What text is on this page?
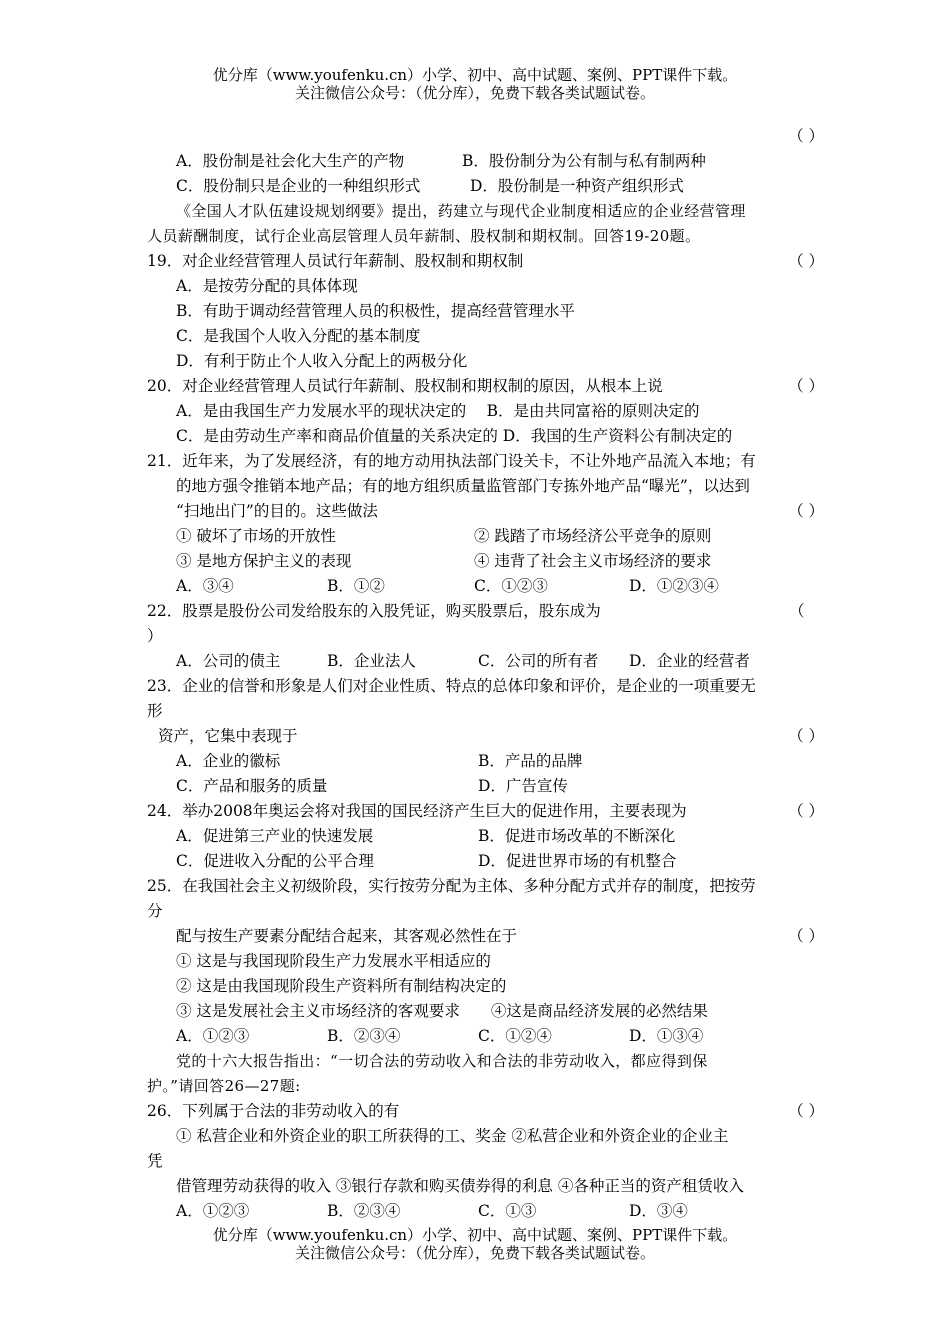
优分库（www.youfenku.cn）小学、初中、高中试题、案例、PPT课件下载。
关注微信公众号：（优分库），免费下载各类试题试卷。
（ ）
A．股份制是社会化大生产的产物	B．股份制分为公有制与私有制两种
C．股份制只是企业的一种组织形式	D．股份制是一种资产组织形式
《全国人才队伍建设规划纲要》提出，药建立与现代企业制度相适应的企业经营管理
人员薪酬制度，试行企业高层管理人员年薪制、股权制和期权制。回答19-20题。
19．对企业经营管理人员试行年薪制、股权制和期权制	（ ）
A．是按劳分配的具体体现
B．有助于调动经营管理人员的积极性，提高经营管理水平
C．是我国个人收入分配的基本制度
D．有利于防止个人收入分配上的两极分化
20．对企业经营管理人员试行年薪制、股权制和期权制的原因，从根本上说	（ ）
A．是由我国生产力发展水平的现状决定的　 B．是由共同富裕的原则决定的
C．是由劳动生产率和商品价值量的关系决定的 D．我国的生产资料公有制决定的
21．近年来，为了发展经济，有的地方动用执法部门设关卡，不让外地产品流入本地；有
的地方强令推销本地产品；有的地方组织质量监管部门专拣外地产品“曝光”，以达到
“扫地出门”的目的。这些做法	（ ）
① 破坏了市场的开放性	② 践踏了市场经济公平竞争的原则
③ 是地方保护主义的表现	④ 违背了社会主义市场经济的要求
A．③④	B．①②	C．①②③	D．①②③④
22．股票是股份公司发给股东的入股凭证，购买股票后，股东成为	（
）
A．公司的债主	B．企业法人	C．公司的所有者 D．企业的经营者
23．企业的信誉和形象是人们对企业性质、特点的总体印象和评价，是企业的一项重要无
形
资产，它集中表现于	（ ）
A．企业的徽标	B．产品的品牌
C．产品和服务的质量	D．广告宣传
24．举办2008年奥运会将对我国的国民经济产生巨大的促进作用，主要表现为	（ ）
A．促进第三产业的快速发展	B．促进市场改革的不断深化
C．促进收入分配的公平合理	D．促进世界市场的有机整合
25．在我国社会主义初级阶段，实行按劳分配为主体、多种分配方式并存的制度，把按劳
分
配与按生产要素分配结合起来，其客观必然性在于	（ ）
① 这是与我国现阶段生产力发展水平相适应的
② 这是由我国现阶段生产资料所有制结构决定的
③ 这是发展社会主义市场经济的客观要求　　④这是商品经济发展的必然结果
A．①②③	B．②③④	C．①②④	D．①③④
党的十六大报告指出：“一切合法的劳动收入和合法的非劳动收入，都应得到保
护。”请回答26—27题:
26．下列属于合法的非劳动收入的有	（ ）
① 私营企业和外资企业的职工所获得的工、奖金 ②私营企业和外资企业的企业主
凭
借管理劳动获得的收入 ③银行存款和购买债券得的利息 ④各种正当的资产租赁收入
A．①②③	B．②③④	C．①③	D．③④
优分库（www.youfenku.cn）小学、初中、高中试题、案例、PPT课件下载。
关注微信公众号：（优分库），免费下载各类试题试卷。
